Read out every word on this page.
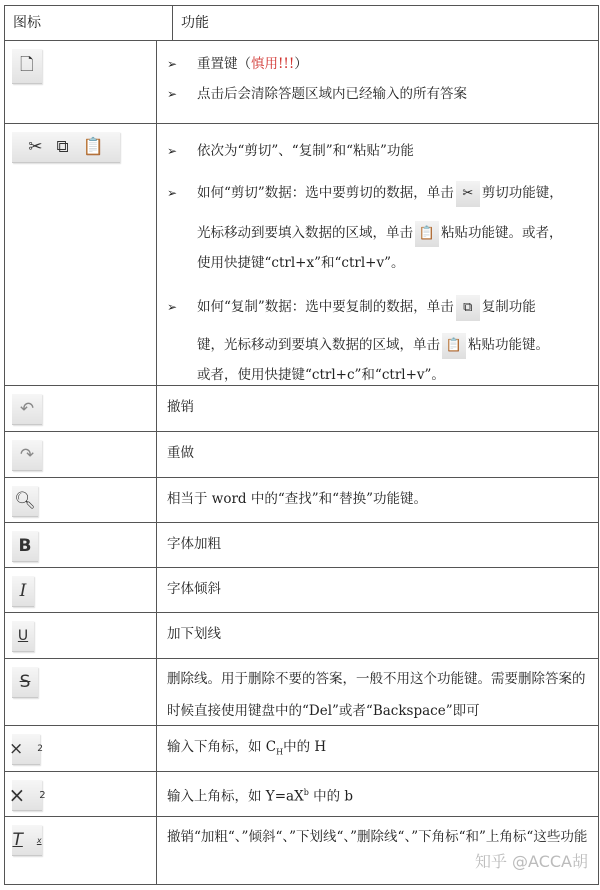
图标	功能
🗋	➢	重置键（慎用!!!）
➢	点击后会清除答题区域内已经输入的所有答案
✂ ⧉ 📋	➢	依次为“剪切”、“复制”和“粘贴”功能
➢	如何“剪切”数据：选中要剪切的数据，单击 ✂ 剪切功能键，
光标移动到要填入数据的区域，单击 📋 粘贴功能键。或者，
使用快捷键“ctrl+x”和“ctrl+v”。
➢	如何“复制”数据：选中要复制的数据，单击 ⧉ 复制功能
键，光标移动到要填入数据的区域，单击 📋 粘贴功能键。
或者，使用快捷键“ctrl+c”和“ctrl+v”。
↶	撤销
↷	重做
🔍︎	相当于 word 中的“查找”和“替换”功能键。
B	字体加粗
I	字体倾斜
U	加下划线
S	删除线。用于删除不要的答案，一般不用这个功能键。需要删除答案的时候直接使用键盘中的“Del”或者“Backspace”即可
× 2	输入下角标，如 $C_H$中的 H
× 2	输入上角标，如 $Y=aX^b$ 中的 b
T x	撤销“加粗“、”倾斜“、”下划线“、”删除线“、”下角标“和”上角标“这些功能
知乎 @ACCA胡
